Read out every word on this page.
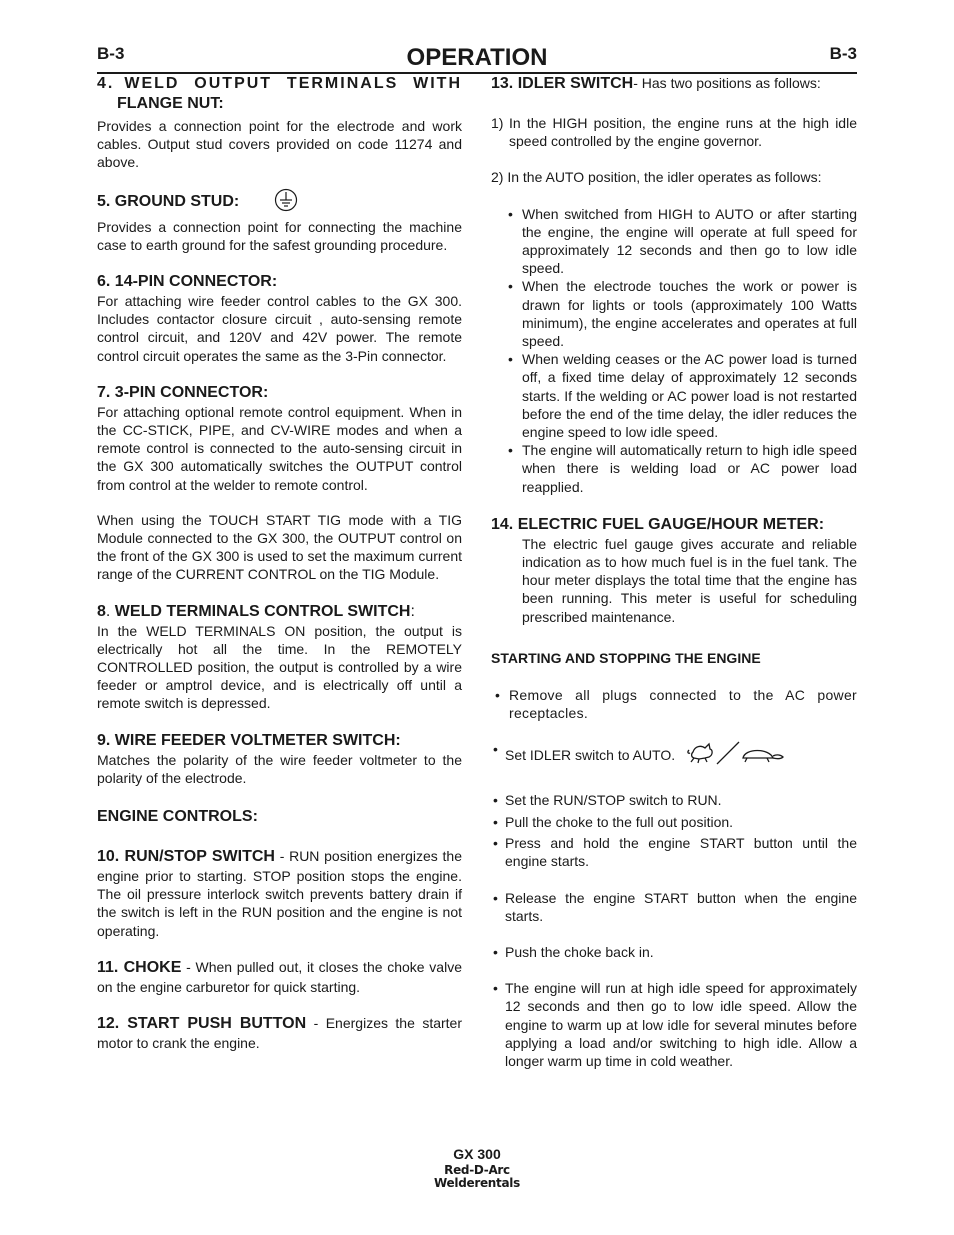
B-3	OPERATION	B-3
4. WELD OUTPUT TERMINALS WITH
FLANGE NUT:

Provides a connection point for the electrode and work cables. Output stud covers provided on code 11274 and above.

5. GROUND STUD:

Provides a connection point for connecting the machine case to earth ground for the safest grounding procedure.

6. 14-PIN CONNECTOR:

For attaching wire feeder control cables to the GX 300. Includes contactor closure circuit , auto-sensing remote control circuit, and 120V and 42V power. The remote control circuit operates the same as the 3-Pin connector.

7. 3-PIN CONNECTOR:

For attaching optional remote control equipment. When in the CC-STICK, PIPE, and CV-WIRE modes and when a remote control is connected to the auto-sensing circuit in the GX 300 automatically switches the OUTPUT control from control at the welder to remote control.

When using the TOUCH START TIG mode with a TIG Module connected to the GX 300, the OUTPUT control on the front of the GX 300 is used to set the maximum current range of the CURRENT CONTROL on the TIG Module.

8. WELD TERMINALS CONTROL SWITCH:

In the WELD TERMINALS ON position, the output is electrically hot all the time. In the REMOTELY CONTROLLED position, the output is controlled by a wire feeder or amptrol device, and is electrically off until a remote switch is depressed.

9. WIRE FEEDER VOLTMETER SWITCH:

Matches the polarity of the wire feeder voltmeter to the polarity of the electrode.

ENGINE CONTROLS:

10. RUN/STOP SWITCH - RUN position energizes the engine prior to starting. STOP position stops the engine. The oil pressure interlock switch prevents battery drain if the switch is left in the RUN position and the engine is not operating.

11. CHOKE - When pulled out, it closes the choke valve on the engine carburetor for quick starting.

12. START PUSH BUTTON - Energizes the starter motor to crank the engine.

13. IDLER SWITCH- Has two positions as follows:
1) In the HIGH position, the engine runs at the high idle speed controlled by the engine governor.

2) In the AUTO position, the idler operates as follows:

• When switched from HIGH to AUTO or after starting the engine, the engine will operate at full speed for approximately 12 seconds and then go to low idle speed.
• When the electrode touches the work or power is drawn for lights or tools (approximately 100 Watts minimum), the engine accelerates and operates at full speed.
• When welding ceases or the AC power load is turned off, a fixed time delay of approximately 12 seconds starts. If the welding or AC power load is not restarted before the end of the time delay, the idler reduces the engine speed to low idle speed.
• The engine will automatically return to high idle speed when there is welding load or AC power load reapplied.
14. ELECTRIC FUEL GAUGE/HOUR METER:

The electric fuel gauge gives accurate and reliable indication as to how much fuel is in the fuel tank. The hour meter displays the total time that the engine has been running. This meter is useful for scheduling prescribed maintenance.

STARTING AND STOPPING THE ENGINE
• Remove all plugs connected to the AC power receptacles.
• Set IDLER switch to AUTO.
• Set the RUN/STOP switch to RUN.
• Pull the choke to the full out position.
• Press and hold the engine START button until the engine starts.
• Release the engine START button when the engine starts.
• Push the choke back in.
• The engine will run at high idle speed for approximately 12 seconds and then go to low idle speed. Allow the engine to warm up at low idle for several minutes before applying a load and/or switching to high idle. Allow a longer warm up time in cold weather.
GX 300
Red-D-Arc
Welderentals
